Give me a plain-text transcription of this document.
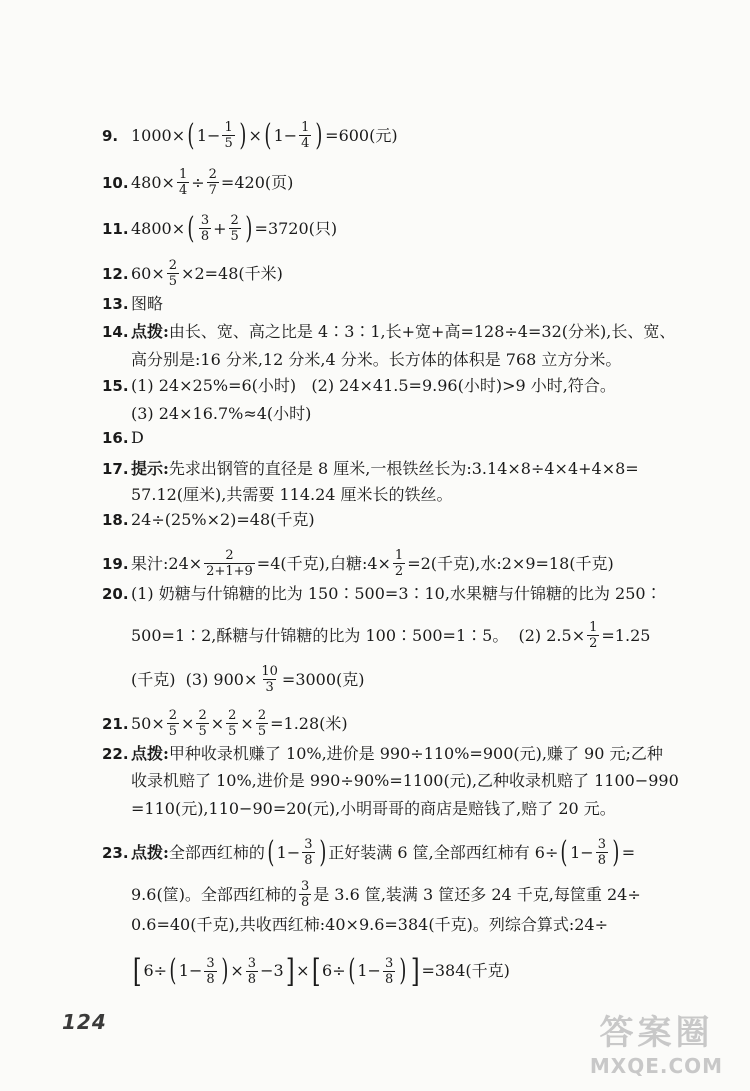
9. 1000× ( $1- \frac{1}{5}$ ) × ( $1- \frac{1}{4}$ ) =600(元)
10. $480\times \frac{1}{4} \div \frac{2}{7} =420$(页)
11. 4800× ( $\frac{3}{8} + \frac{2}{5}$ ) =3720(只)
12. $60\times \frac{2}{5} \times 2=48$(千米)
13. 图略
14. 点拨: 由长、宽、高之比是 4∶3∶1,长+宽+高=128÷4=32(分米),长、宽、
高分别是:16 分米,12 分米,4 分米。长方体的体积是 768 立方分米。
15. (1) 24×25%=6(小时)   (2) 24×41.5=9.96(小时)>9 小时,符合。
(3) 24×16.7%≈4(小时)
16. D
17. 提示: 先求出钢管的直径是 8 厘米,一根铁丝长为:3.14×8÷4×4+4×8=
57.12(厘米),共需要 114.24 厘米长的铁丝。
18. 24÷(25%×2)=48(千克)
19. 果汁:24× $\frac{2}{2+1+9} =4$(千克),白糖:4× $\frac{1}{2} =2$(千克),水:2×9=18(千克)
20. (1) 奶糖与什锦糖的比为 150∶500=3∶10,水果糖与什锦糖的比为 250∶
500=1∶2,酥糖与什锦糖的比为 100∶500=1∶5。  (2) $2.5\times \frac{1}{2} =1.25$
(千克)  (3) $900\times \frac{10}{3} =3000$(克)
21. $50\times \frac{2}{5} \times \frac{2}{5} \times \frac{2}{5} \times \frac{2}{5} =1.28$(米)
22. 点拨: 甲种收录机赚了 10%,进价是 990÷110%=900(元),赚了 90 元;乙种
收录机赔了 10%,进价是 990÷90%=1100(元),乙种收录机赔了 1100−990
=110(元),110−90=20(元),小明哥哥的商店是赔钱了,赔了 20 元。
23. 点拨: 全部西红柿的 ( $1- \frac{3}{8}$ ) 正好装满 6 筐,全部西红柿有 6÷ ( $1- \frac{3}{8}$ ) =
9.6(筐)。全部西红柿的 $\frac{3}{8}$ 是 3.6 筐,装满 3 筐还多 24 千克,每筐重 24÷
0.6=40(千克),共收西红柿:40×9.6=384(千克)。列综合算式:24÷
[ 6÷ ( $1- \frac{3}{8}$ ) × $\frac{3}{8} -3$ ] × [ 6÷ ( $1- \frac{3}{8}$ ) ] =384(千克)
124	答案圈
MXQE.COM
